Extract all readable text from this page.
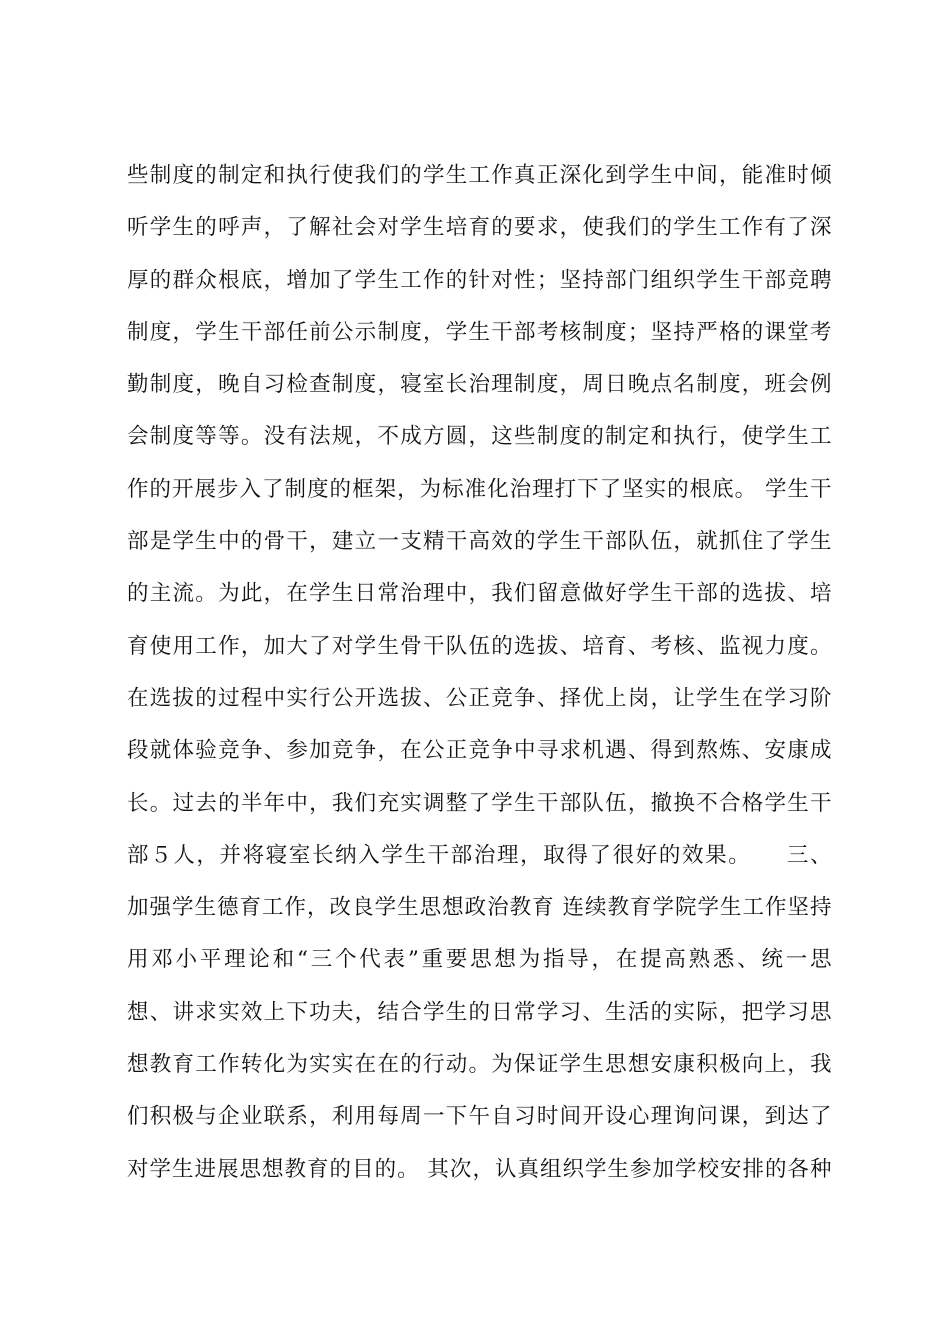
些制度的制定和执行使我们的学生工作真正深化到学生中间，能准时倾
听学生的呼声，了解社会对学生培育的要求，使我们的学生工作有了深
厚的群众根底，增加了学生工作的针对性；坚持部门组织学生干部竞聘
制度，学生干部任前公示制度，学生干部考核制度；坚持严格的课堂考
勤制度，晚自习检查制度，寝室长治理制度，周日晚点名制度，班会例
会制度等等。没有法规，不成方圆，这些制度的制定和执行，使学生工
作的开展步入了制度的框架，为标准化治理打下了坚实的根底。 学生干
部是学生中的骨干，建立一支精干高效的学生干部队伍，就抓住了学生
的主流。为此，在学生日常治理中，我们留意做好学生干部的选拔、培
育使用工作，加大了对学生骨干队伍的选拔、培育、考核、监视力度。
在选拔的过程中实行公开选拔、公正竞争、择优上岗，让学生在学习阶
段就体验竞争、参加竞争，在公正竞争中寻求机遇、得到熬炼、安康成
长。过去的半年中，我们充实调整了学生干部队伍，撤换不合格学生干
部５人，并将寝室长纳入学生干部治理，取得了很好的效果。　　三、
加强学生德育工作，改良学生思想政治教育 连续教育学院学生工作坚持
用邓小平理论和“三个代表”重要思想为指导，在提高熟悉、统一思
想、讲求实效上下功夫，结合学生的日常学习、生活的实际，把学习思
想教育工作转化为实实在在的行动。为保证学生思想安康积极向上，我
们积极与企业联系，利用每周一下午自习时间开设心理询问课，到达了
对学生进展思想教育的目的。 其次，认真组织学生参加学校安排的各种
